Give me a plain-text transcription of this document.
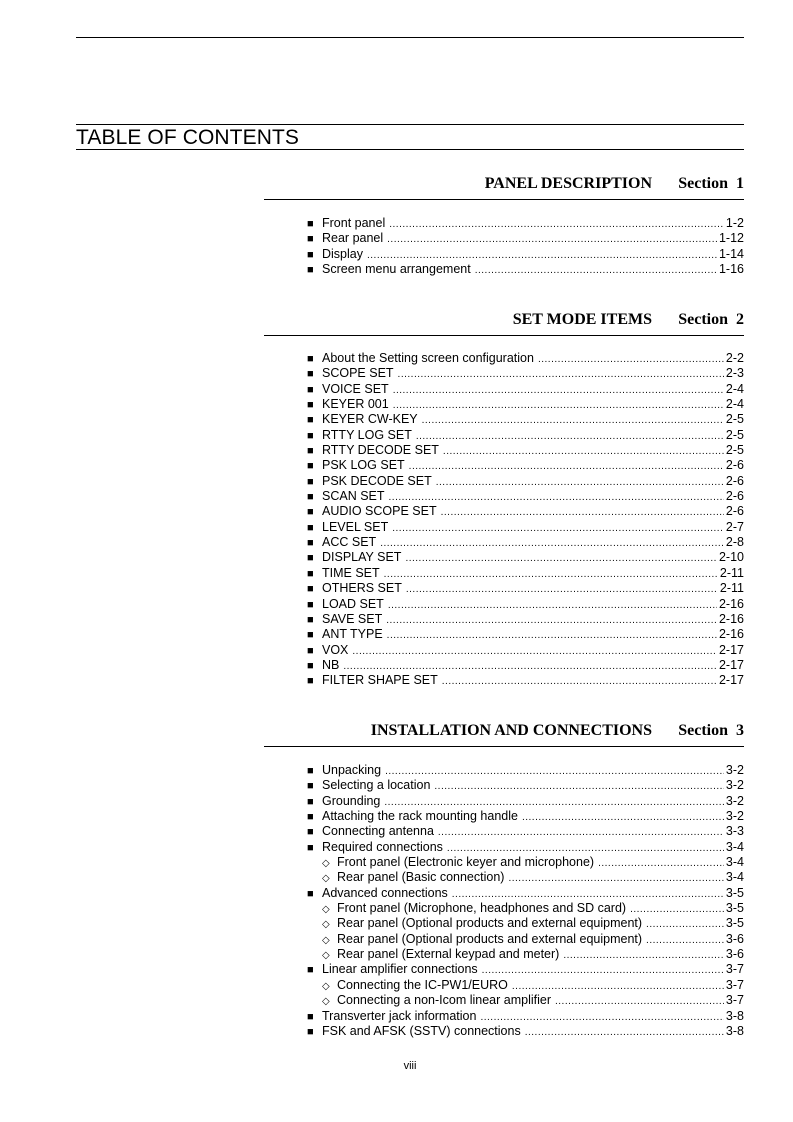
TABLE OF CONTENTS
PANEL DESCRIPTION Section 1
■ Front panel .....	1-2
■ Rear panel .....	1-12
■ Display .....	1-14
■ Screen menu arrangement .....	1-16
SET MODE ITEMS Section 2
■ About the Setting screen configuration .....	2-2
■ SCOPE SET .....	2-3
■ VOICE SET .....	2-4
■ KEYER 001 .....	2-4
■ KEYER CW-KEY .....	2-5
■ RTTY LOG SET .....	2-5
■ RTTY DECODE SET .....	2-5
■ PSK LOG SET .....	2-6
■ PSK DECODE SET .....	2-6
■ SCAN SET .....	2-6
■ AUDIO SCOPE SET .....	2-6
■ LEVEL SET .....	2-7
■ ACC SET .....	2-8
■ DISPLAY SET .....	2-10
■ TIME SET .....	2-11
■ OTHERS SET .....	2-11
■ LOAD SET .....	2-16
■ SAVE SET .....	2-16
■ ANT TYPE .....	2-16
■ VOX .....	2-17
■ NB .....	2-17
■ FILTER SHAPE SET .....	2-17
INSTALLATION AND CONNECTIONS Section 3
■ Unpacking .....	3-2
■ Selecting a location .....	3-2
■ Grounding .....	3-2
■ Attaching the rack mounting handle .....	3-2
■ Connecting antenna .....	3-3
■ Required connections .....	3-4
◇ Front panel (Electronic keyer and microphone) .....	3-4
◇ Rear panel (Basic connection) .....	3-4
■ Advanced connections .....	3-5
◇ Front panel (Microphone, headphones and SD card) .....	3-5
◇ Rear panel (Optional products and external equipment) .....	3-5
◇ Rear panel (Optional products and external equipment) .....	3-6
◇ Rear panel (External keypad and meter) .....	3-6
■ Linear amplifier connections .....	3-7
◇ Connecting the IC-PW1/EURO .....	3-7
◇ Connecting a non-Icom linear amplifier .....	3-7
■ Transverter jack information .....	3-8
■ FSK and AFSK (SSTV) connections .....	3-8
viii
